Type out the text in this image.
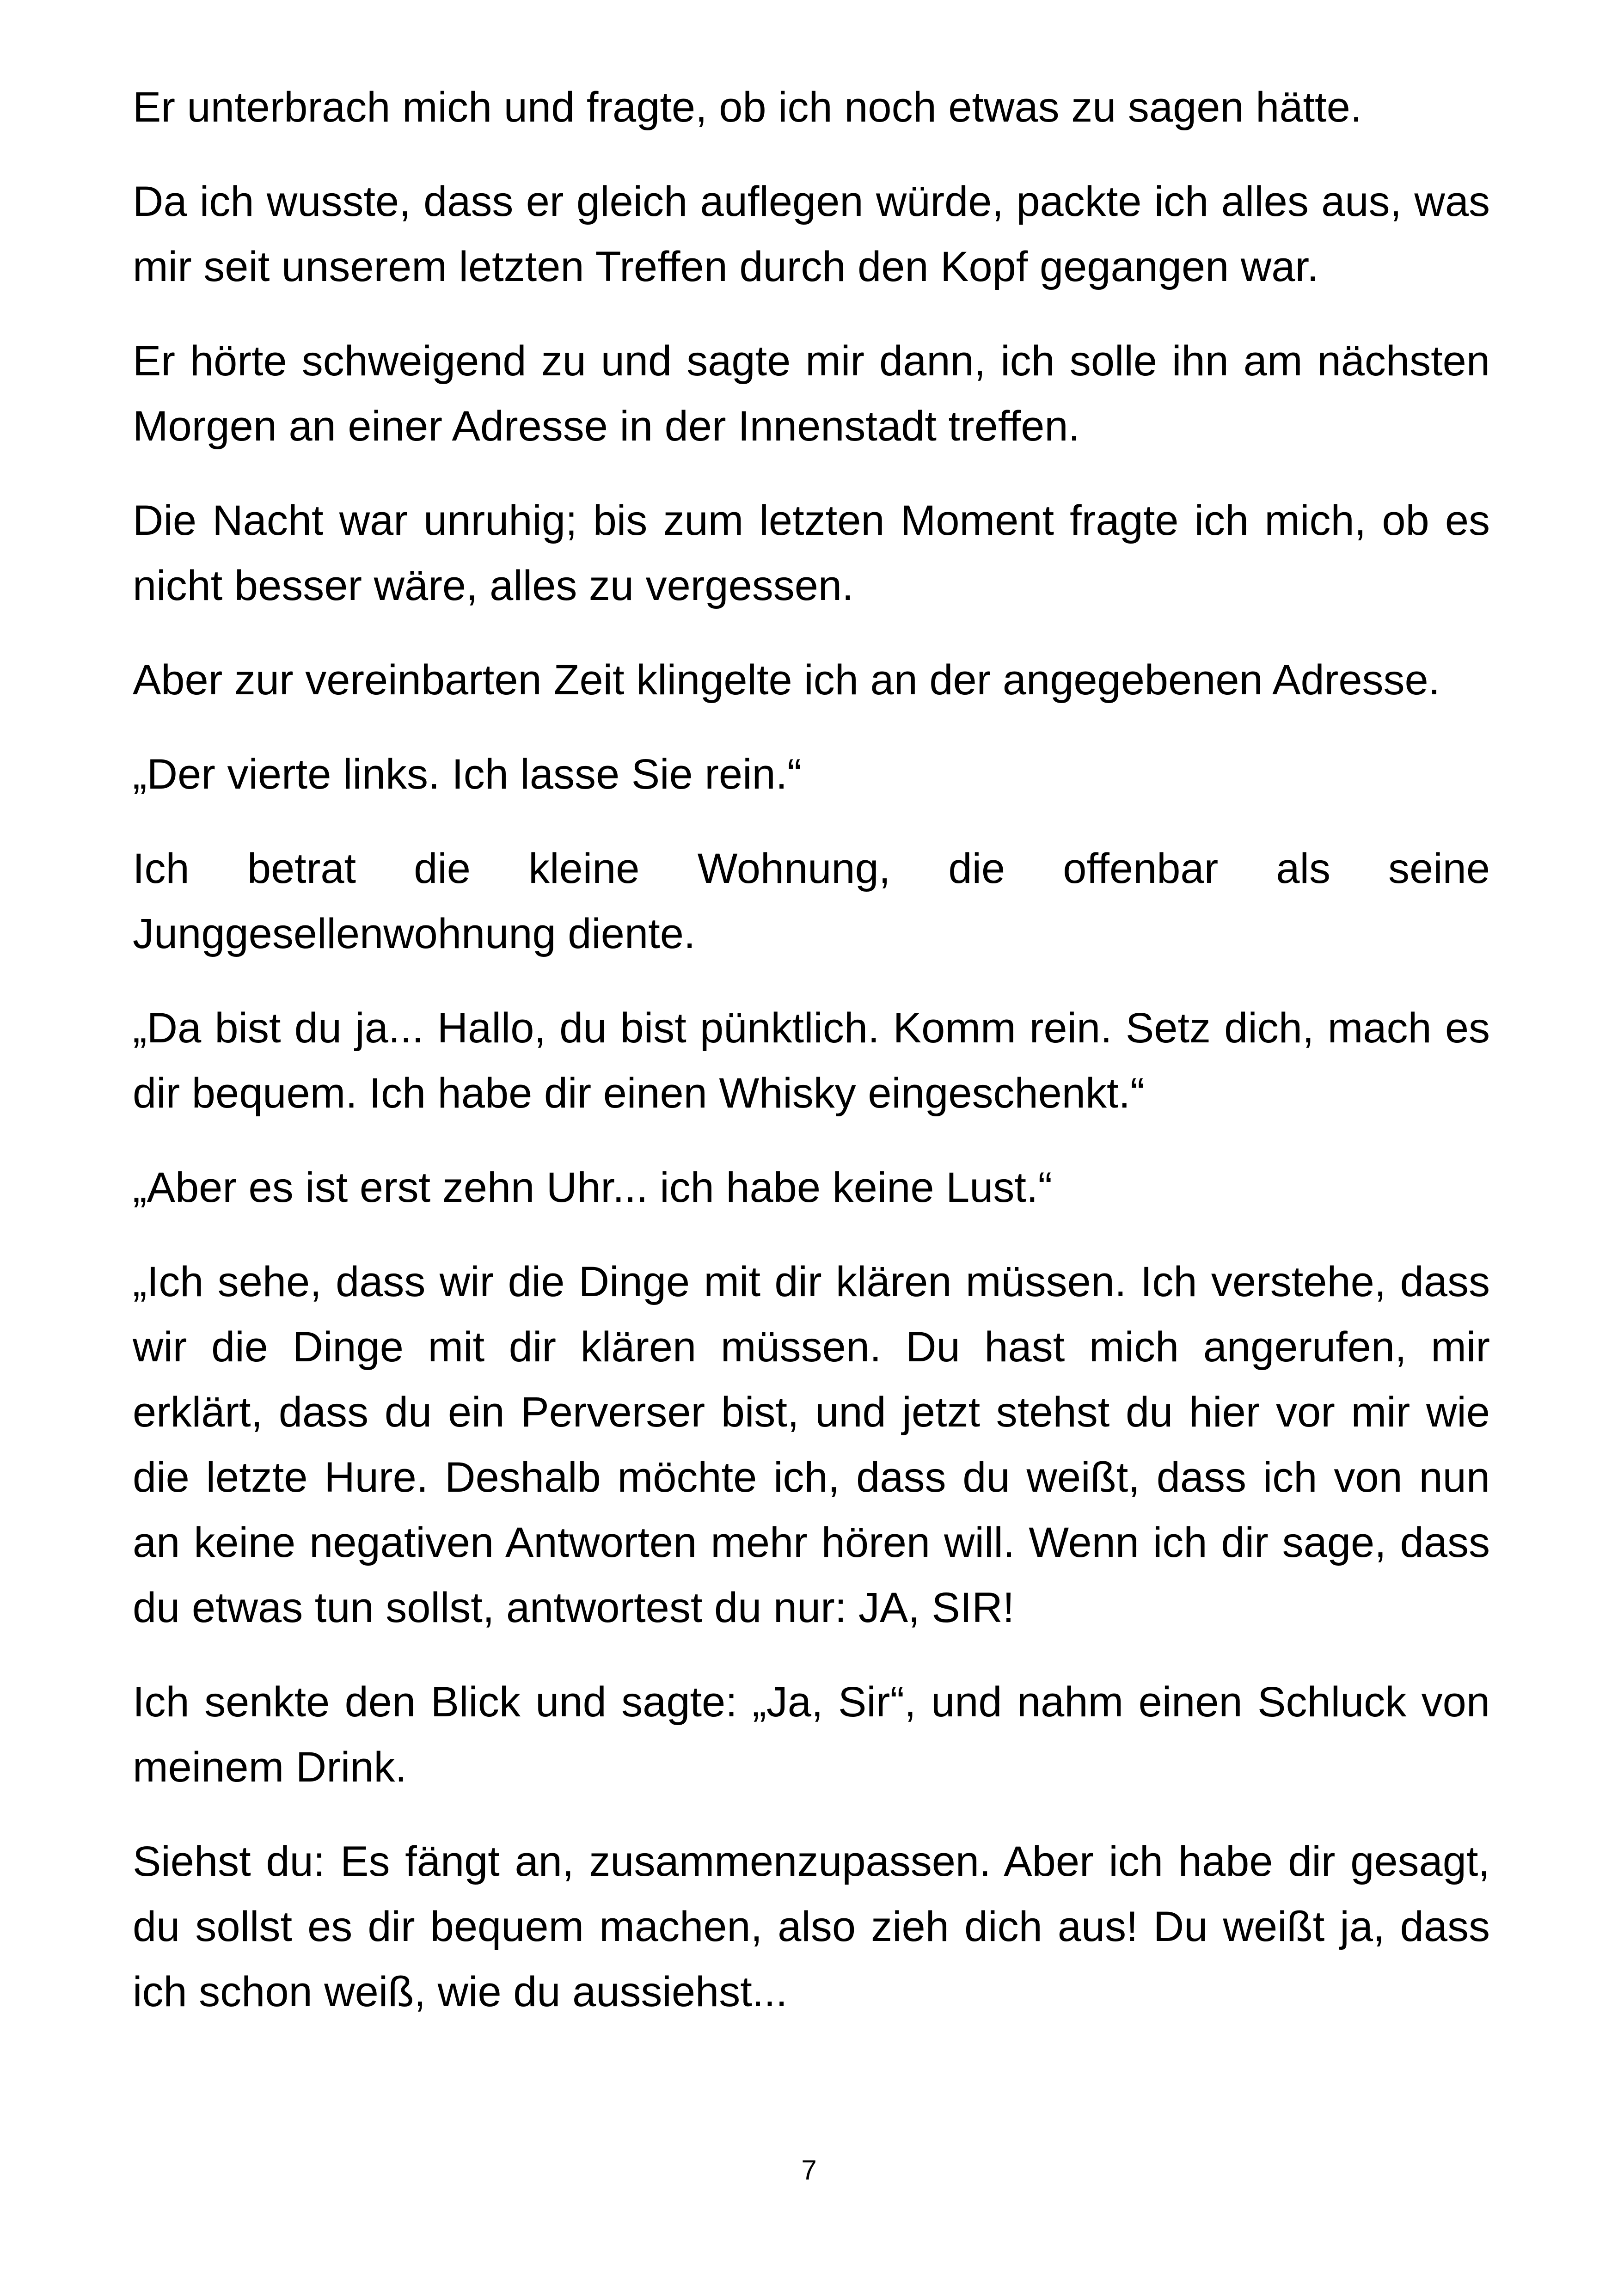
Er unterbrach mich und fragte, ob ich noch etwas zu sagen hätte.

Da ich wusste, dass er gleich auflegen würde, packte ich alles aus, was mir seit unserem letzten Treffen durch den Kopf gegangen war.

Er hörte schweigend zu und sagte mir dann, ich solle ihn am nächsten Morgen an einer Adresse in der Innenstadt treffen.

Die Nacht war unruhig; bis zum letzten Moment fragte ich mich, ob es nicht besser wäre, alles zu vergessen.

Aber zur vereinbarten Zeit klingelte ich an der angegebenen Adresse.

„Der vierte links. Ich lasse Sie rein.“

Ich betrat die kleine Wohnung, die offenbar als seine Junggesellenwohnung diente.

„Da bist du ja... Hallo, du bist pünktlich. Komm rein. Setz dich, mach es dir bequem. Ich habe dir einen Whisky eingeschenkt.“

„Aber es ist erst zehn Uhr... ich habe keine Lust.“

„Ich sehe, dass wir die Dinge mit dir klären müssen. Ich verstehe, dass wir die Dinge mit dir klären müssen. Du hast mich angerufen, mir erklärt, dass du ein Perverser bist, und jetzt stehst du hier vor mir wie die letzte Hure. Deshalb möchte ich, dass du weißt, dass ich von nun an keine negativen Antworten mehr hören will. Wenn ich dir sage, dass du etwas tun sollst, antwortest du nur: JA, SIR!

Ich senkte den Blick und sagte: „Ja, Sir“, und nahm einen Schluck von meinem Drink.

Siehst du: Es fängt an, zusammenzupassen. Aber ich habe dir gesagt, du sollst es dir bequem machen, also zieh dich aus! Du weißt ja, dass ich schon weiß, wie du aussiehst...

7
